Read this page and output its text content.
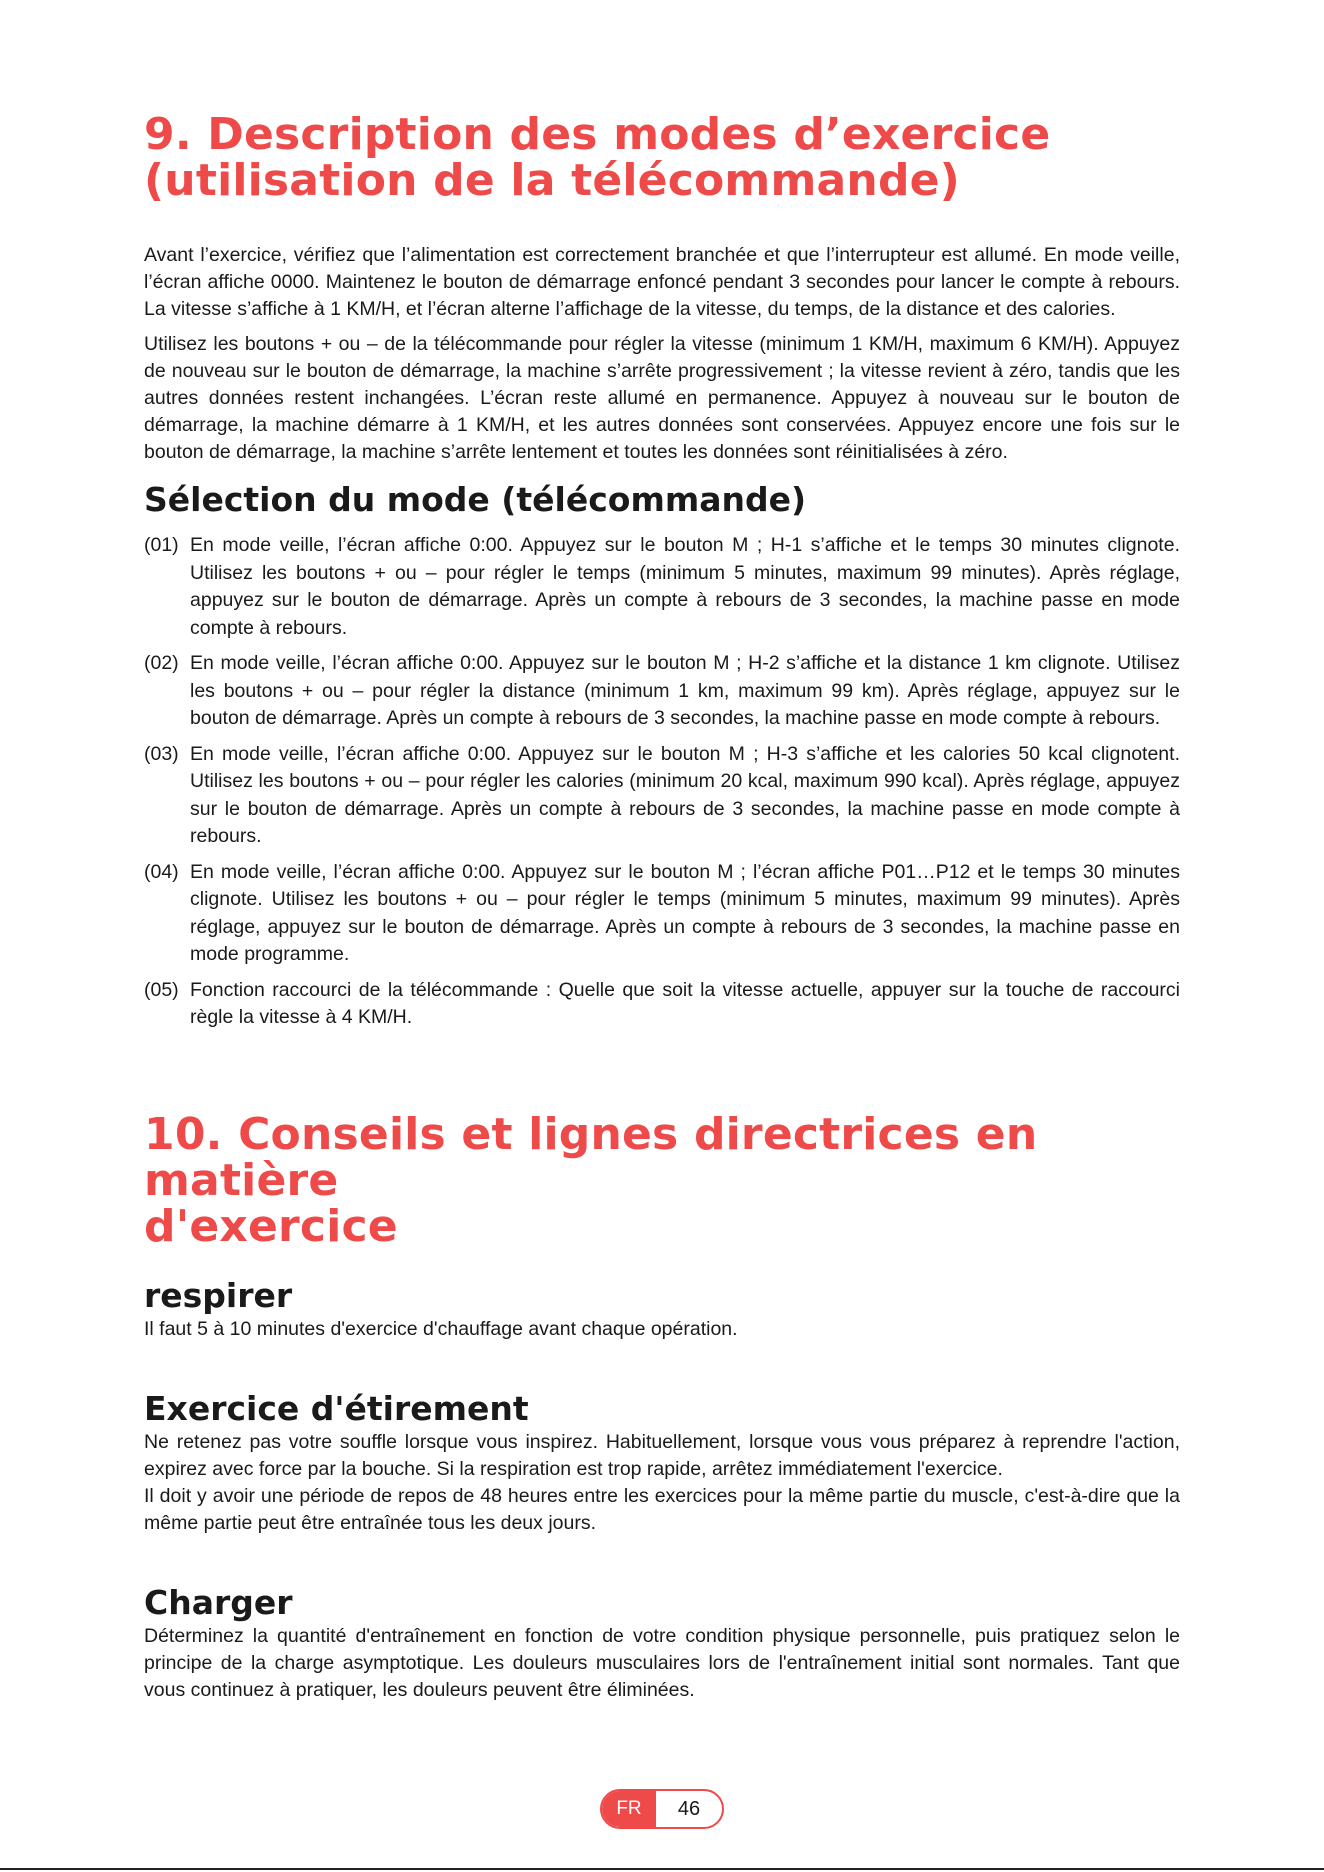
9. Description des modes d’exercice
(utilisation de la télécommande)

Avant l’exercice, vérifiez que l’alimentation est correctement branchée et que l’interrupteur est allumé. En mode veille, l’écran affiche 0000. Maintenez le bouton de démarrage enfoncé pendant 3 secondes pour lancer le compte à rebours. La vitesse s’affiche à 1 KM/H, et l’écran alterne l’affichage de la vitesse, du temps, de la distance et des calories.

Utilisez les boutons + ou – de la télécommande pour régler la vitesse (minimum 1 KM/H, maximum 6 KM/H). Appuyez de nouveau sur le bouton de démarrage, la machine s’arrête progressivement ; la vitesse revient à zéro, tandis que les autres données restent inchangées. L’écran reste allumé en permanence. Appuyez à nouveau sur le bouton de démarrage, la machine démarre à 1 KM/H, et les autres données sont conservées. Appuyez encore une fois sur le bouton de démarrage, la machine s’arrête lentement et toutes les données sont réinitialisées à zéro.

Sélection du mode (télécommande)
(01) En mode veille, l’écran affiche 0:00. Appuyez sur le bouton M ; H-1 s’affiche et le temps 30 minutes clignote. Utilisez les boutons + ou – pour régler le temps (minimum 5 minutes, maximum 99 minutes). Après réglage, appuyez sur le bouton de démarrage. Après un compte à rebours de 3 secondes, la machine passe en mode compte à rebours.
(02) En mode veille, l’écran affiche 0:00. Appuyez sur le bouton M ; H-2 s’affiche et la distance 1 km clignote. Utilisez les boutons + ou – pour régler la distance (minimum 1 km, maximum 99 km). Après réglage, appuyez sur le bouton de démarrage. Après un compte à rebours de 3 secondes, la machine passe en mode compte à rebours.
(03) En mode veille, l’écran affiche 0:00. Appuyez sur le bouton M ; H-3 s’affiche et les calories 50 kcal clignotent. Utilisez les boutons + ou – pour régler les calories (minimum 20 kcal, maximum 990 kcal). Après réglage, appuyez sur le bouton de démarrage. Après un compte à rebours de 3 secondes, la machine passe en mode compte à rebours.
(04) En mode veille, l’écran affiche 0:00. Appuyez sur le bouton M ; l’écran affiche P01…P12 et le temps 30 minutes clignote. Utilisez les boutons + ou – pour régler le temps (minimum 5 minutes, maximum 99 minutes). Après réglage, appuyez sur le bouton de démarrage. Après un compte à rebours de 3 secondes, la machine passe en mode programme.
(05) Fonction raccourci de la télécommande : Quelle que soit la vitesse actuelle, appuyer sur la touche de raccourci règle la vitesse à 4 KM/H.
10. Conseils et lignes directrices en matière
d'exercice
respirer

Il faut 5 à 10 minutes d'exercice d'chauffage avant chaque opération.

Exercice d'étirement

Ne retenez pas votre souffle lorsque vous inspirez. Habituellement, lorsque vous vous préparez à reprendre l'action, expirez avec force par la bouche. Si la respiration est trop rapide, arrêtez immédiatement l'exercice.

Il doit y avoir une période de repos de 48 heures entre les exercices pour la même partie du muscle, c'est-à-dire que la même partie peut être entraînée tous les deux jours.

Charger

Déterminez la quantité d'entraînement en fonction de votre condition physique personnelle, puis pratiquez selon le principe de la charge asymptotique. Les douleurs musculaires lors de l'entraînement initial sont normales. Tant que vous continuez à pratiquer, les douleurs peuvent être éliminées.

FR	46
